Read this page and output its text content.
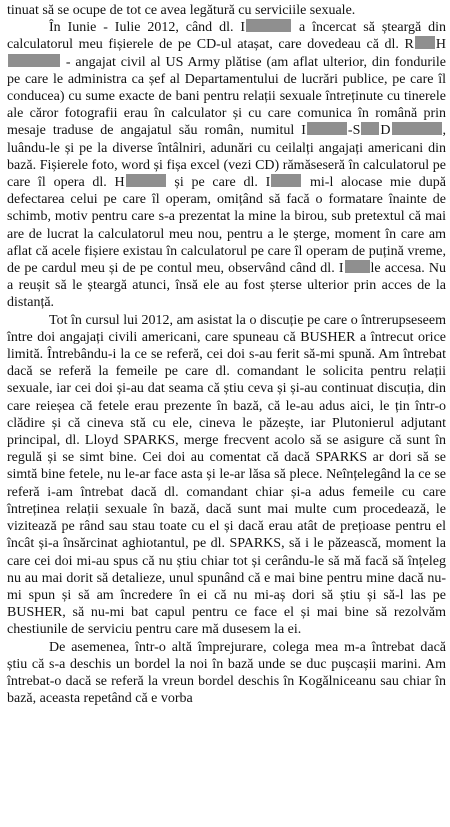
tinuat să se ocupe de tot ce avea legătură cu serviciile sexuale.

În Iunie - Iulie 2012, când dl. I	a încercat să șteargă din calculatorul meu fișierele de pe CD-ul atașat, care dovedeau că dl. R H - angajat civil al US Army plătise (am aflat ulterior, din fondurile pe care le administra ca șef al Departamentului de lucrări publice, pe care îl conducea) cu sume exacte de bani pentru relații sexuale întreținute cu tinerele ale căror fotografii erau în calculator și cu care comunica în română prin mesaje traduse de angajatul său român, numitul I	-S D	, luându-le și pe la diverse întâlniri, adunări cu ceilalți angajați americani din bază. Fișierele foto, word și fișa excel (vezi CD) rămăseseră în calculatorul pe care îl opera dl. H	și pe care dl. I mi-l alocase mie după defectarea celui pe care îl operam, omițând să facă o formatare înainte de schimb, motiv pentru care s-a prezentat la mine la birou, sub pretextul că mai are de lucrat la calculatorul meu nou, pentru a le șterge, moment în care am aflat că acele fișiere existau în calculatorul pe care îl operam de puțină vreme, de pe cardul meu și de pe contul meu, observând când dl. I le accesa. Nu a reușit să le șteargă atunci, însă ele au fost șterse ulterior prin acces de la distanță.

Tot în cursul lui 2012, am asistat la o discuție pe care o întrerupseseem între doi angajați civili americani, care spuneau că BUSHER a întrecut orice limită. Întrebându-i la ce se referă, cei doi s-au ferit să-mi spună. Am întrebat dacă se referă la femeile pe care dl. comandant le solicita pentru relații sexuale, iar cei doi și-au dat seama că știu ceva și și-au continuat discuția, din care reieșea că fetele erau prezente în bază, că le-au adus aici, le țin într-o clădire și că cineva stă cu ele, cineva le păzește, iar Plutonierul adjutant principal, dl. Lloyd SPARKS, merge frecvent acolo să se asigure că sunt în regulă și se simt bine. Cei doi au comentat că dacă SPARKS ar dori să se simtă bine fetele, nu le-ar face asta și le-ar lăsa să plece. Neînțelegând la ce se referă i-am întrebat dacă dl. comandant chiar și-a adus femeile cu care întreținea relații sexuale în bază, dacă sunt mai multe cum procedează, le vizitează pe rând sau stau toate cu el și dacă erau atât de prețioase pentru el încât și-a însărcinat aghiotantul, pe dl. SPARKS, să i le păzească, moment la care cei doi mi-au spus că nu știu chiar tot și cerându-le să mă facă să înțeleg nu au mai dorit să detalieze, unul spunând că e mai bine pentru mine dacă nu-mi spun și să am încredere în ei că nu mi-aș dori să știu și să-l las pe BUSHER, să nu-mi bat capul pentru ce face el și mai bine să rezolvăm chestiunile de serviciu pentru care mă dusesem la ei.

De asemenea, într-o altă împrejurare, colega mea m-a întrebat dacă știu că s-a deschis un bordel la noi în bază unde se duc pușcașii marini. Am întrebat-o dacă se referă la vreun bordel deschis în Kogălniceanu sau chiar în bază, aceasta repetând că e vorba
